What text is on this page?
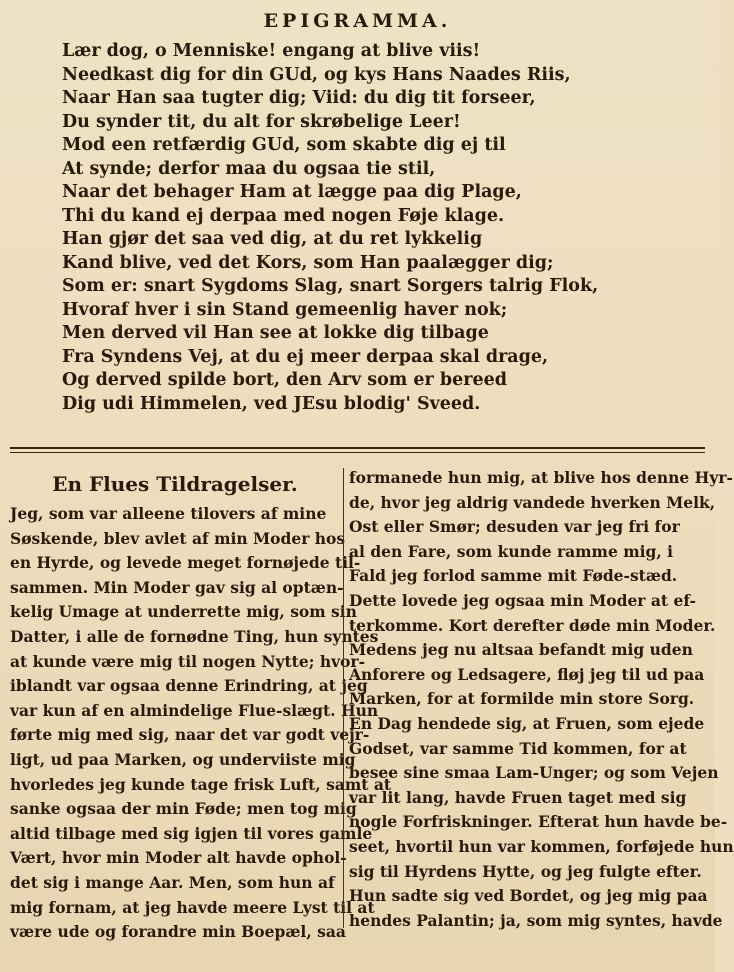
EPIGRAMMA.
Lær dog, o Menniske! engang at blive viis!
Needkast dig for din GUd, og kys Hans Naades Riis,
Naar Han saa tugter dig; Viid: du dig tit forseer,
Du synder tit, du alt for skrøbelige Leer!
Mod een retfærdig GUd, som skabte dig ej til
At synde; derfor maa du ogsaa tie stil,
Naar det behager Ham at lægge paa dig Plage,
Thi du kand ej derpaa med nogen Føje klage.
Han gjør det saa ved dig, at du ret lykkelig
Kand blive, ved det Kors, som Han paalægger dig;
Som er: snart Sygdoms Slag, snart Sorgers talrig Flok,
Hvoraf hver i sin Stand gemeenlig haver nok;
Men derved vil Han see at lokke dig tilbage
Fra Syndens Vej, at du ej meer derpaa skal drage,
Og derved spilde bort, den Arv som er bereed
Dig udi Himmelen, ved JEsu blodig' Sveed.
En Flues Tildragelser.
Jeg, som var alleene tilovers af mine
Søskende, blev avlet af min Moder hos
en Hyrde, og levede meget fornøjede til-
sammen. Min Moder gav sig al optæn-
kelig Umage at underrette mig, som sin
Datter, i alle de fornødne Ting, hun syntes
at kunde være mig til nogen Nytte; hvor-
iblandt var ogsaa denne Erindring, at jeg
var kun af en almindelige Flue-slægt. Hun
førte mig med sig, naar det var godt vejr-
ligt, ud paa Marken, og underviiste mig
hvorledes jeg kunde tage frisk Luft, samt at
sanke ogsaa der min Føde; men tog mig
altid tilbage med sig igjen til vores gamle
Vært, hvor min Moder alt havde ophol-
det sig i mange Aar. Men, som hun af
mig fornam, at jeg havde meere Lyst til at
være ude og forandre min Boepæl, saa
formanede hun mig, at blive hos denne Hyr-
de, hvor jeg aldrig vandede hverken Melk,
Ost eller Smør; desuden var jeg fri for
al den Fare, som kunde ramme mig, i
Fald jeg forlod samme mit Føde-stæd.
Dette lovede jeg ogsaa min Moder at ef-
terkomme. Kort derefter døde min Moder.
Medens jeg nu altsaa befandt mig uden
Anforere og Ledsagere, fløj jeg til ud paa
Marken, for at formilde min store Sorg.
En Dag hendede sig, at Fruen, som ejede
Godset, var samme Tid kommen, for at
besee sine smaa Lam-Unger; og som Vejen
var lit lang, havde Fruen taget med sig
nogle Forfriskninger. Efterat hun havde be-
seet, hvortil hun var kommen, forføjede hun
sig til Hyrdens Hytte, og jeg fulgte efter.
Hun sadte sig ved Bordet, og jeg mig paa
hendes Palantin; ja, som mig syntes, havde
